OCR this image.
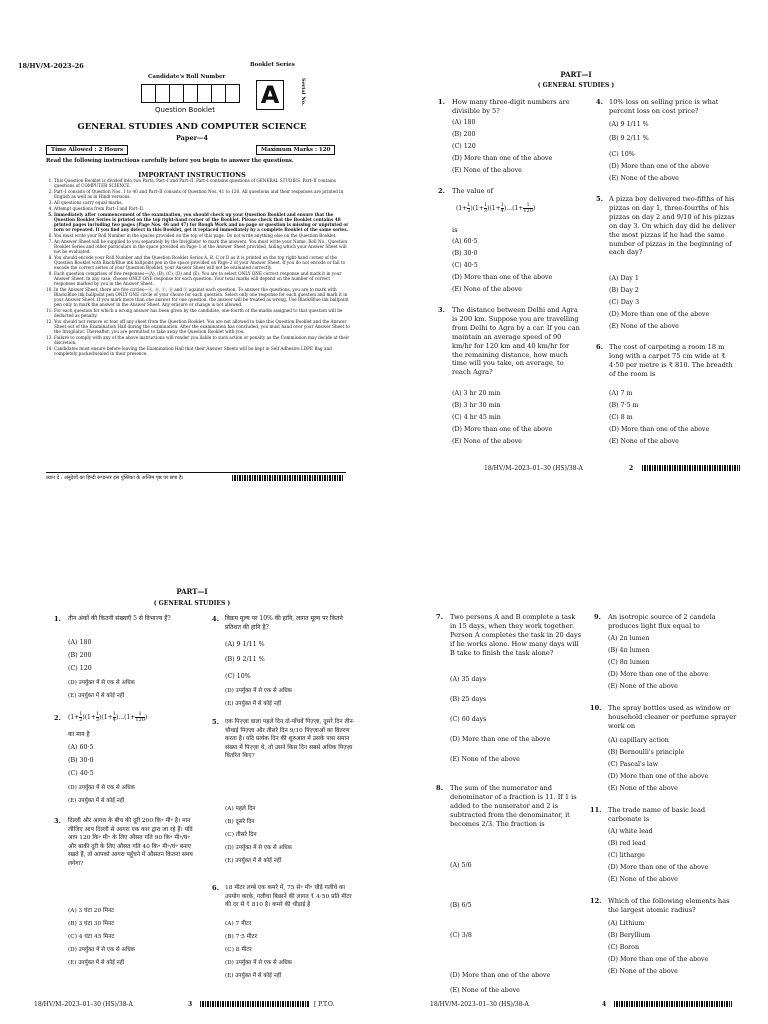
18/HV/M–2023–26
Candidate's Roll Number
Booklet Series
A
Question Booklet
Serial No.
GENERAL STUDIES AND COMPUTER SCIENCE
Paper—4
Time Allowed : 2 Hours	Maximum Marks : 120
Read the following instructions carefully before you begin to answer the questions.
IMPORTANT INSTRUCTIONS
1. This Question Booklet is divided into two Parts, Part–I and Part–II. Part–I contains questions of GENERAL STUDIES. Part–II contains questions of COMPUTER SCIENCE.
2. Part–I consists of Question Nos. 1 to 40 and Part–II consists of Question Nos. 41 to 120. All questions and their responses are printed in English as well as in Hindi versions.
3. All questions carry equal marks.
4. Attempt questions from Part–I and Part–II.
5. Immediately after commencement of the examination, you should check up your Question Booklet and ensure that the Question Booklet Series is printed on the top right-hand corner of the Booklet. Please check that the Booklet contains 48 printed pages including two pages (Page Nos. 46 and 47) for Rough Work and no page or question is missing or unprinted or torn or repeated. If you find any defect in this Booklet, get it replaced immediately by a complete Booklet of the same series.
6. You must write your Roll Number in the spaces provided on the top of this page. Do not write anything else on the Question Booklet.
7. An Answer Sheet will be supplied to you separately by the Invigilator to mark the answers. You must write your Name, Roll No., Question Booklet Series and other particulars in the space provided on Page–1 of the Answer Sheet provided, failing which your Answer Sheet will not be evaluated.
8. You should encode your Roll Number and the Question Booklet Series A, B, C or D as it is printed on the top right-hand corner of the Question Booklet with Black/Blue ink ballpoint pen in the space provided on Page–2 of your Answer Sheet. If you do not encode or fail to encode the correct series of your Question Booklet, your Answer Sheet will not be evaluated correctly.
9. Each question comprises of five responses—(A), (B), (C), (D) and (E). You are to select ONLY ONE correct response and mark it in your Answer Sheet. In any case, choose ONLY ONE response for each question. Your total marks will depend on the number of correct responses marked by you in the Answer Sheet.
10. In the Answer Sheet, there are five circles—Ⓐ, Ⓑ, Ⓒ, Ⓓ and Ⓔ against each question. To answer the questions, you are to mark with Black/Blue ink ballpoint pen ONLY ONE circle of your choice for each question. Select only one response for each question and mark it in your Answer Sheet. If you mark more than one answer for one question, the answer will be treated as wrong. Use Black/Blue ink ballpoint pen only to mark the answer in the Answer Sheet. Any erasure or change is not allowed.
11. For each question for which a wrong answer has been given by the candidate, one-fourth of the marks assigned to that question will be deducted as penalty.
12. You should not remove or tear off any sheet from the Question Booklet. You are not allowed to take this Question Booklet and the Answer Sheet out of the Examination Hall during the examination. After the examination has concluded, you must hand over your Answer Sheet to the Invigilator. Thereafter, you are permitted to take away the Question Booklet with you.
13. Failure to comply with any of the above instructions will render you liable to such action or penalty as the Commission may decide at their discretion.
14. Candidates must ensure before leaving the Examination Hall that their Answer Sheets will be kept in Self Adhesive LDPE Bag and completely packed/sealed in their presence.
ध्यान दें : अनुदेशों का हिन्दी रूपान्तर इस पुस्तिका के अन्तिम पृष्ठ पर छपा है।
PART—I
( GENERAL STUDIES )
1. How many three-digit numbers are divisible by 5?
(A) 180
(B) 200
(C) 120
(D) More than one of the above
(E) None of the above
2. The value of
$(1+ \frac{1}{2} )(1+ \frac{1}{3} )(1+ \frac{1}{4}$ )…(1+ $\frac{1}{120}$ )
is
(A) 60·5
(B) 30·0
(C) 40·5
(D) More than one of the above
(E) None of the above
3. The distance between Delhi and Agra is 200 km. Suppose you are travelling from Delhi to Agra by a car. If you can maintain an average speed of 90 km/hr for 120 km and 40 km/hr for the remaining distance, how much time will you take, on average, to reach Agra?
(A) 3 hr 20 min
(B) 3 hr 30 min
(C) 4 hr 45 min
(D) More than one of the above
(E) None of the above
4. 10% loss on selling price is what percent loss on cost price?
(A) 9 1/11 %
(B) 9 2/11 %
(C) 10%
(D) More than one of the above
(E) None of the above
5. A pizza boy delivered two-fifths of his pizzas on day 1, three-fourths of his pizzas on day 2 and 9/10 of his pizzas on day 3. On which day did he deliver the most pizzas if he had the same number of pizzas in the beginning of each day?
(A) Day 1
(B) Day 2
(C) Day 3
(D) More than one of the above
(E) None of the above
6. The cost of carpeting a room 18 m long with a carpet 75 cm wide at ₹ 4·50 per metre is ₹ 810. The breadth of the room is
(A) 7 m
(B) 7·5 m
(C) 8 m
(D) More than one of the above
(E) None of the above
18/HV/M–2023–01–30 (HS)/38-A	2
PART—I
( GENERAL STUDIES )
1. तीन अंकों की कितनी संख्याएँ 5 से विभाज्य हैं?
(A) 180
(B) 200
(C) 120
(D) उपर्युक्त में से एक से अधिक
(E) उपर्युक्त में से कोई नहीं
2. $(1+ \frac{1}{2} )(1+ \frac{1}{3} )(1+ \frac{1}{4}$ )…(1+ $\frac{1}{120}$ )
का मान है
(A) 60·5
(B) 30·0
(C) 40·5
(D) उपर्युक्त में से एक से अधिक
(E) उपर्युक्त में से कोई नहीं
3. दिल्ली और आगरा के बीच की दूरी 200 कि॰ मी॰ है। मान लीजिए आप दिल्ली से आगरा एक कार द्वारा जा रहे हैं। यदि आप 120 कि॰ मी॰ के लिए औसत गति 90 कि॰ मी॰/घं॰ और बाकी दूरी के लिए औसत गति 40 कि॰ मी॰/घं॰ बनाए रखते हैं, तो आपको आगरा पहुँचने में औसतन कितना समय लगेगा?
(A) 3 घंटा 20 मिनट
(B) 3 घंटा 30 मिनट
(C) 4 घंटा 45 मिनट
(D) उपर्युक्त में से एक से अधिक
(E) उपर्युक्त में से कोई नहीं
4. विक्रय मूल्य पर 10% की हानि, लागत मूल्य पर कितने प्रतिशत की हानि है?
(A) 9 1/11 %
(B) 9 2/11 %
(C) 10%
(D) उपर्युक्त में से एक से अधिक
(E) उपर्युक्त में से कोई नहीं
5. एक पिज़्ज़ा वाला पहले दिन दो-पाँचवें पिज़्ज़ा, दूसरे दिन तीन-चौथाई पिज़्ज़ा और तीसरे दिन 9/10 पिज़्ज़ाओं का वितरण करता है। यदि प्रत्येक दिन की शुरुआत में उसके पास समान संख्या में पिज़्ज़ा थे, तो उसने किस दिन सबसे अधिक पिज़्ज़ा वितरित किए?
(A) पहले दिन
(B) दूसरे दिन
(C) तीसरे दिन
(D) उपर्युक्त में से एक से अधिक
(E) उपर्युक्त में से कोई नहीं
6. 18 मीटर लम्बे एक कमरे में, 75 से॰ मी॰ चौड़े गलीचे का उपयोग करके, गलीचा बिछाने की लागत ₹ 4·50 प्रति मीटर की दर से ₹ 810 है। कमरे की चौड़ाई है
(A) 7 मीटर
(B) 7·5 मीटर
(C) 8 मीटर
(D) उपर्युक्त में से एक से अधिक
(E) उपर्युक्त में से कोई नहीं
18/HV/M–2023–01–30 (HS)/38-A	3	[ P.T.O.
7. Two persons A and B complete a task in 15 days, when they work together. Person A completes the task in 20 days if he works alone. How many days will B take to finish the task alone?
(A) 35 days
(B) 25 days
(C) 60 days
(D) More than one of the above
(E) None of the above
8. The sum of the numerator and denominator of a fraction is 11. If 1 is added to the numerator and 2 is subtracted from the denominator, it becomes 2/3. The fraction is
(A) 5/6
(B) 6/5
(C) 3/8
(D) More than one of the above
(E) None of the above
9. An isotropic source of 2 candela produces light flux equal to
(A) 2π lumen
(B) 4π lumen
(C) 8π lumen
(D) More than one of the above
(E) None of the above
10. The spray bottles used as window or household cleaner or perfume sprayer work on
(A) capillary action
(B) Bernoulli's principle
(C) Pascal's law
(D) More than one of the above
(E) None of the above
11. The trade name of basic lead carbonate is
(A) white lead
(B) red lead
(C) litharge
(D) More than one of the above
(E) None of the above
12. Which of the following elements has the largest atomic radius?
(A) Lithium
(B) Beryllium
(C) Boron
(D) More than one of the above
(E) None of the above
18/HV/M–2023–01–30 (HS)/38-A	4
